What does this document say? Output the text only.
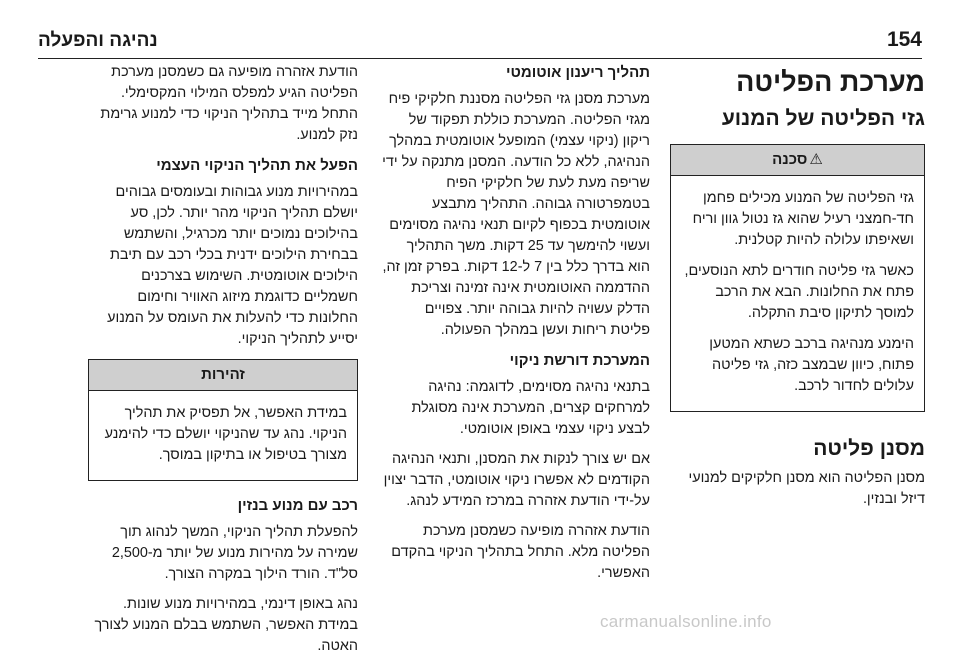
154
נהיגה והפעלה
מערכת הפליטה
גזי הפליטה של המנוע
⚠סכנה

גזי הפליטה של המנוע מכילים פחמן חד-חמצני רעיל שהוא גז נטול גוון וריח ושאיפתו עלולה להיות קטלנית.

כאשר גזי פליטה חודרים לתא הנוסעים, פתח את החלונות. הבא את הרכב למוסך לתיקון סיבת התקלה.

הימנע מנהיגה ברכב כשתא המטען פתוח, כיוון שבמצב כזה, גזי פליטה עלולים לחדור לרכב.

מסנן פליטה

מסנן הפליטה הוא מסנן חלקיקים למנועי דיזל ובנזין.

תהליך ריענון אוטומטי

מערכת מסנן גזי הפליטה מסננת חלקיקי פיח מגזי הפליטה. המערכת כוללת תפקוד של ריקון (ניקוי עצמי) המופעל אוטומטית במהלך הנהיגה, ללא כל הודעה. המסנן מתנקה על ידי שריפה מעת לעת של חלקיקי הפיח בטמפרטורה גבוהה. התהליך מתבצע אוטומטית בכפוף לקיום תנאי נהיגה מסוימים ועשוי להימשך עד 25 דקות. משך התהליך הוא בדרך כלל בין 7 ל-12 דקות. בפרק זמן זה, ההדממה האוטומטית אינה זמינה וצריכת הדלק עשויה להיות גבוהה יותר. צפויים פליטת ריחות ועשן במהלך הפעולה.

המערכת דורשת ניקוי

בתנאי נהיגה מסוימים, לדוגמה: נהיגה למרחקים קצרים, המערכת אינה מסוגלת לבצע ניקוי עצמי באופן אוטומטי.

אם יש צורך לנקות את המסנן, ותנאי הנהיגה הקודמים לא אפשרו ניקוי אוטומטי, הדבר יצוין על-ידי הודעת אזהרה במרכז המידע לנהג.

הודעת אזהרה מופיעה כשמסנן מערכת הפליטה מלא. התחל בתהליך הניקוי בהקדם האפשרי.

הודעת אזהרה מופיעה גם כשמסנן מערכת הפליטה הגיע למפלס המילוי המקסימלי. התחל מייד בתהליך הניקוי כדי למנוע גרימת נזק למנוע.

הפעל את תהליך הניקוי העצמי

במהירויות מנוע גבוהות ובעומסים גבוהים יושלם תהליך הניקוי מהר יותר. לכן, סע בהילוכים נמוכים יותר מכרגיל, והשתמש בבחירת הילוכים ידנית בכלי רכב עם תיבת הילוכים אוטומטית. השימוש בצרכנים חשמליים כדוגמת מיזוג האוויר וחימום החלונות כדי להעלות את העומס על המנוע יסייע לתהליך הניקוי.

זהירות

במידת האפשר, אל תפסיק את תהליך הניקוי. נהג עד שהניקוי יושלם כדי להימנע מצורך בטיפול או בתיקון במוסך.

רכב עם מנוע בנזין

להפעלת תהליך הניקוי, המשך לנהוג תוך שמירה על מהירות מנוע של יותר מ-2,500 סל"ד. הורד הילוך במקרה הצורך.

נהג באופן דינמי, במהירויות מנוע שונות. במידת האפשר, השתמש בבלם המנוע לצורך האטה.

carmanualsonline.info
